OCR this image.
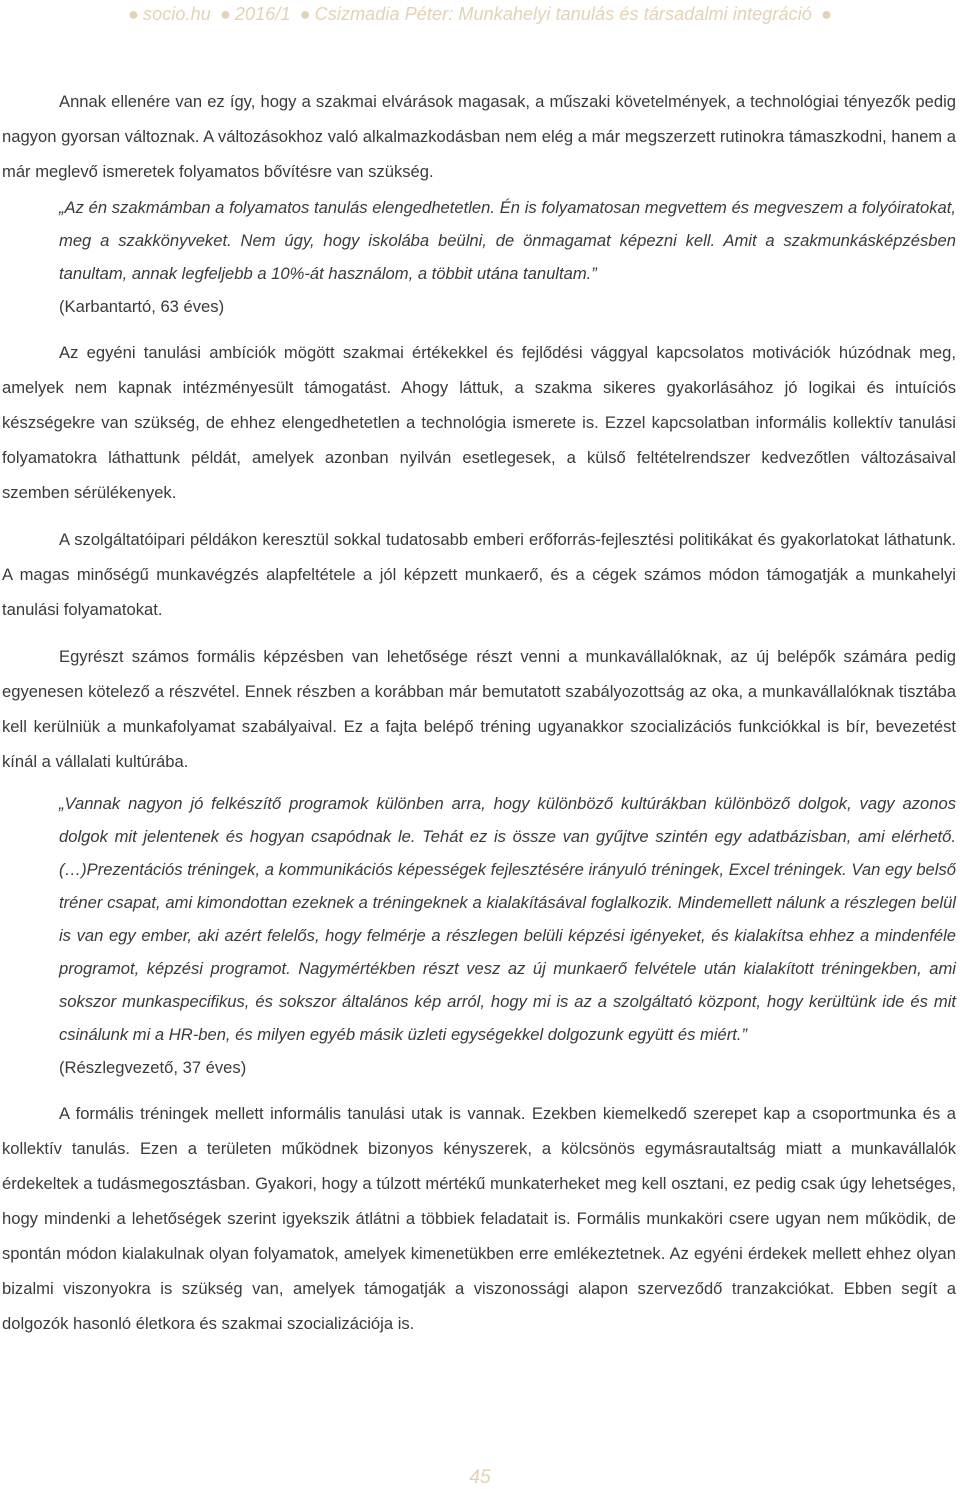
● socio.hu ● 2016/1 ● Csizmadia Péter: Munkahelyi tanulás és társadalmi integráció ●

Annak ellenére van ez így, hogy a szakmai elvárások magasak, a műszaki követelmények, a technológiai tényezők pedig nagyon gyorsan változnak. A változásokhoz való alkalmazkodásban nem elég a már megszerzett rutinokra támaszkodni, hanem a már meglevő ismeretek folyamatos bővítésre van szükség.

„Az én szakmámban a folyamatos tanulás elengedhetetlen. Én is folyamatosan megvettem és megveszem a folyóiratokat, meg a szakkönyveket. Nem úgy, hogy iskolába beülni, de önmagamat képezni kell. Amit a szakmunkásképzésben tanultam, annak legfeljebb a 10%-át használom, a többit utána tanultam.”
(Karbantartó, 63 éves)

Az egyéni tanulási ambíciók mögött szakmai értékekkel és fejlődési vággyal kapcsolatos motivációk húzódnak meg, amelyek nem kapnak intézményesült támogatást. Ahogy láttuk, a szakma sikeres gyakorlásához jó logikai és intuíciós készségekre van szükség, de ehhez elengedhetetlen a technológia ismerete is. Ezzel kapcsolatban informális kollektív tanulási folyamatokra láthattunk példát, amelyek azonban nyilván esetlegesek, a külső feltételrendszer kedvezőtlen változásaival szemben sérülékenyek.

A szolgáltatóipari példákon keresztül sokkal tudatosabb emberi erőforrás-fejlesztési politikákat és gyakorlatokat láthatunk. A magas minőségű munkavégzés alapfeltétele a jól képzett munkaerő, és a cégek számos módon támogatják a munkahelyi tanulási folyamatokat.

Egyrészt számos formális képzésben van lehetősége részt venni a munkavállalóknak, az új belépők számára pedig egyenesen kötelező a részvétel. Ennek részben a korábban már bemutatott szabályozottság az oka, a munkavállalóknak tisztába kell kerülniük a munkafolyamat szabályaival. Ez a fajta belépő tréning ugyanakkor szocializációs funkciókkal is bír, bevezetést kínál a vállalati kultúrába.

„Vannak nagyon jó felkészítő programok különben arra, hogy különböző kultúrákban különböző dolgok, vagy azonos dolgok mit jelentenek és hogyan csapódnak le. Tehát ez is össze van gyűjtve szintén egy adatbázisban, ami elérhető. (…)Prezentációs tréningek, a kommunikációs képességek fejlesztésére irányuló tréningek, Excel tréningek. Van egy belső tréner csapat, ami kimondottan ezeknek a tréningeknek a kialakításával foglalkozik. Mindemellett nálunk a részlegen belül is van egy ember, aki azért felelős, hogy felmérje a részlegen belüli képzési igényeket, és kialakítsa ehhez a mindenféle programot, képzési programot. Nagymértékben részt vesz az új munkaerő felvétele után kialakított tréningekben, ami sokszor munkaspecifikus, és sokszor általános kép arról, hogy mi is az a szolgáltató központ, hogy kerültünk ide és mit csinálunk mi a HR-ben, és milyen egyéb másik üzleti egységekkel dolgozunk együtt és miért.”
(Részlegvezető, 37 éves)

A formális tréningek mellett informális tanulási utak is vannak. Ezekben kiemelkedő szerepet kap a csoportmunka és a kollektív tanulás. Ezen a területen működnek bizonyos kényszerek, a kölcsönös egymásrautaltság miatt a munkavállalók érdekeltek a tudásmegosztásban. Gyakori, hogy a túlzott mértékű munkaterheket meg kell osztani, ez pedig csak úgy lehetséges, hogy mindenki a lehetőségek szerint igyekszik átlátni a többiek feladatait is. Formális munkaköri csere ugyan nem működik, de spontán módon kialakulnak olyan folyamatok, amelyek kimenetükben erre emlékeztetnek. Az egyéni érdekek mellett ehhez olyan bizalmi viszonyokra is szükség van, amelyek támogatják a viszonossági alapon szerveződő tranzakciókat. Ebben segít a dolgozók hasonló életkora és szakmai szocializációja is.

45
